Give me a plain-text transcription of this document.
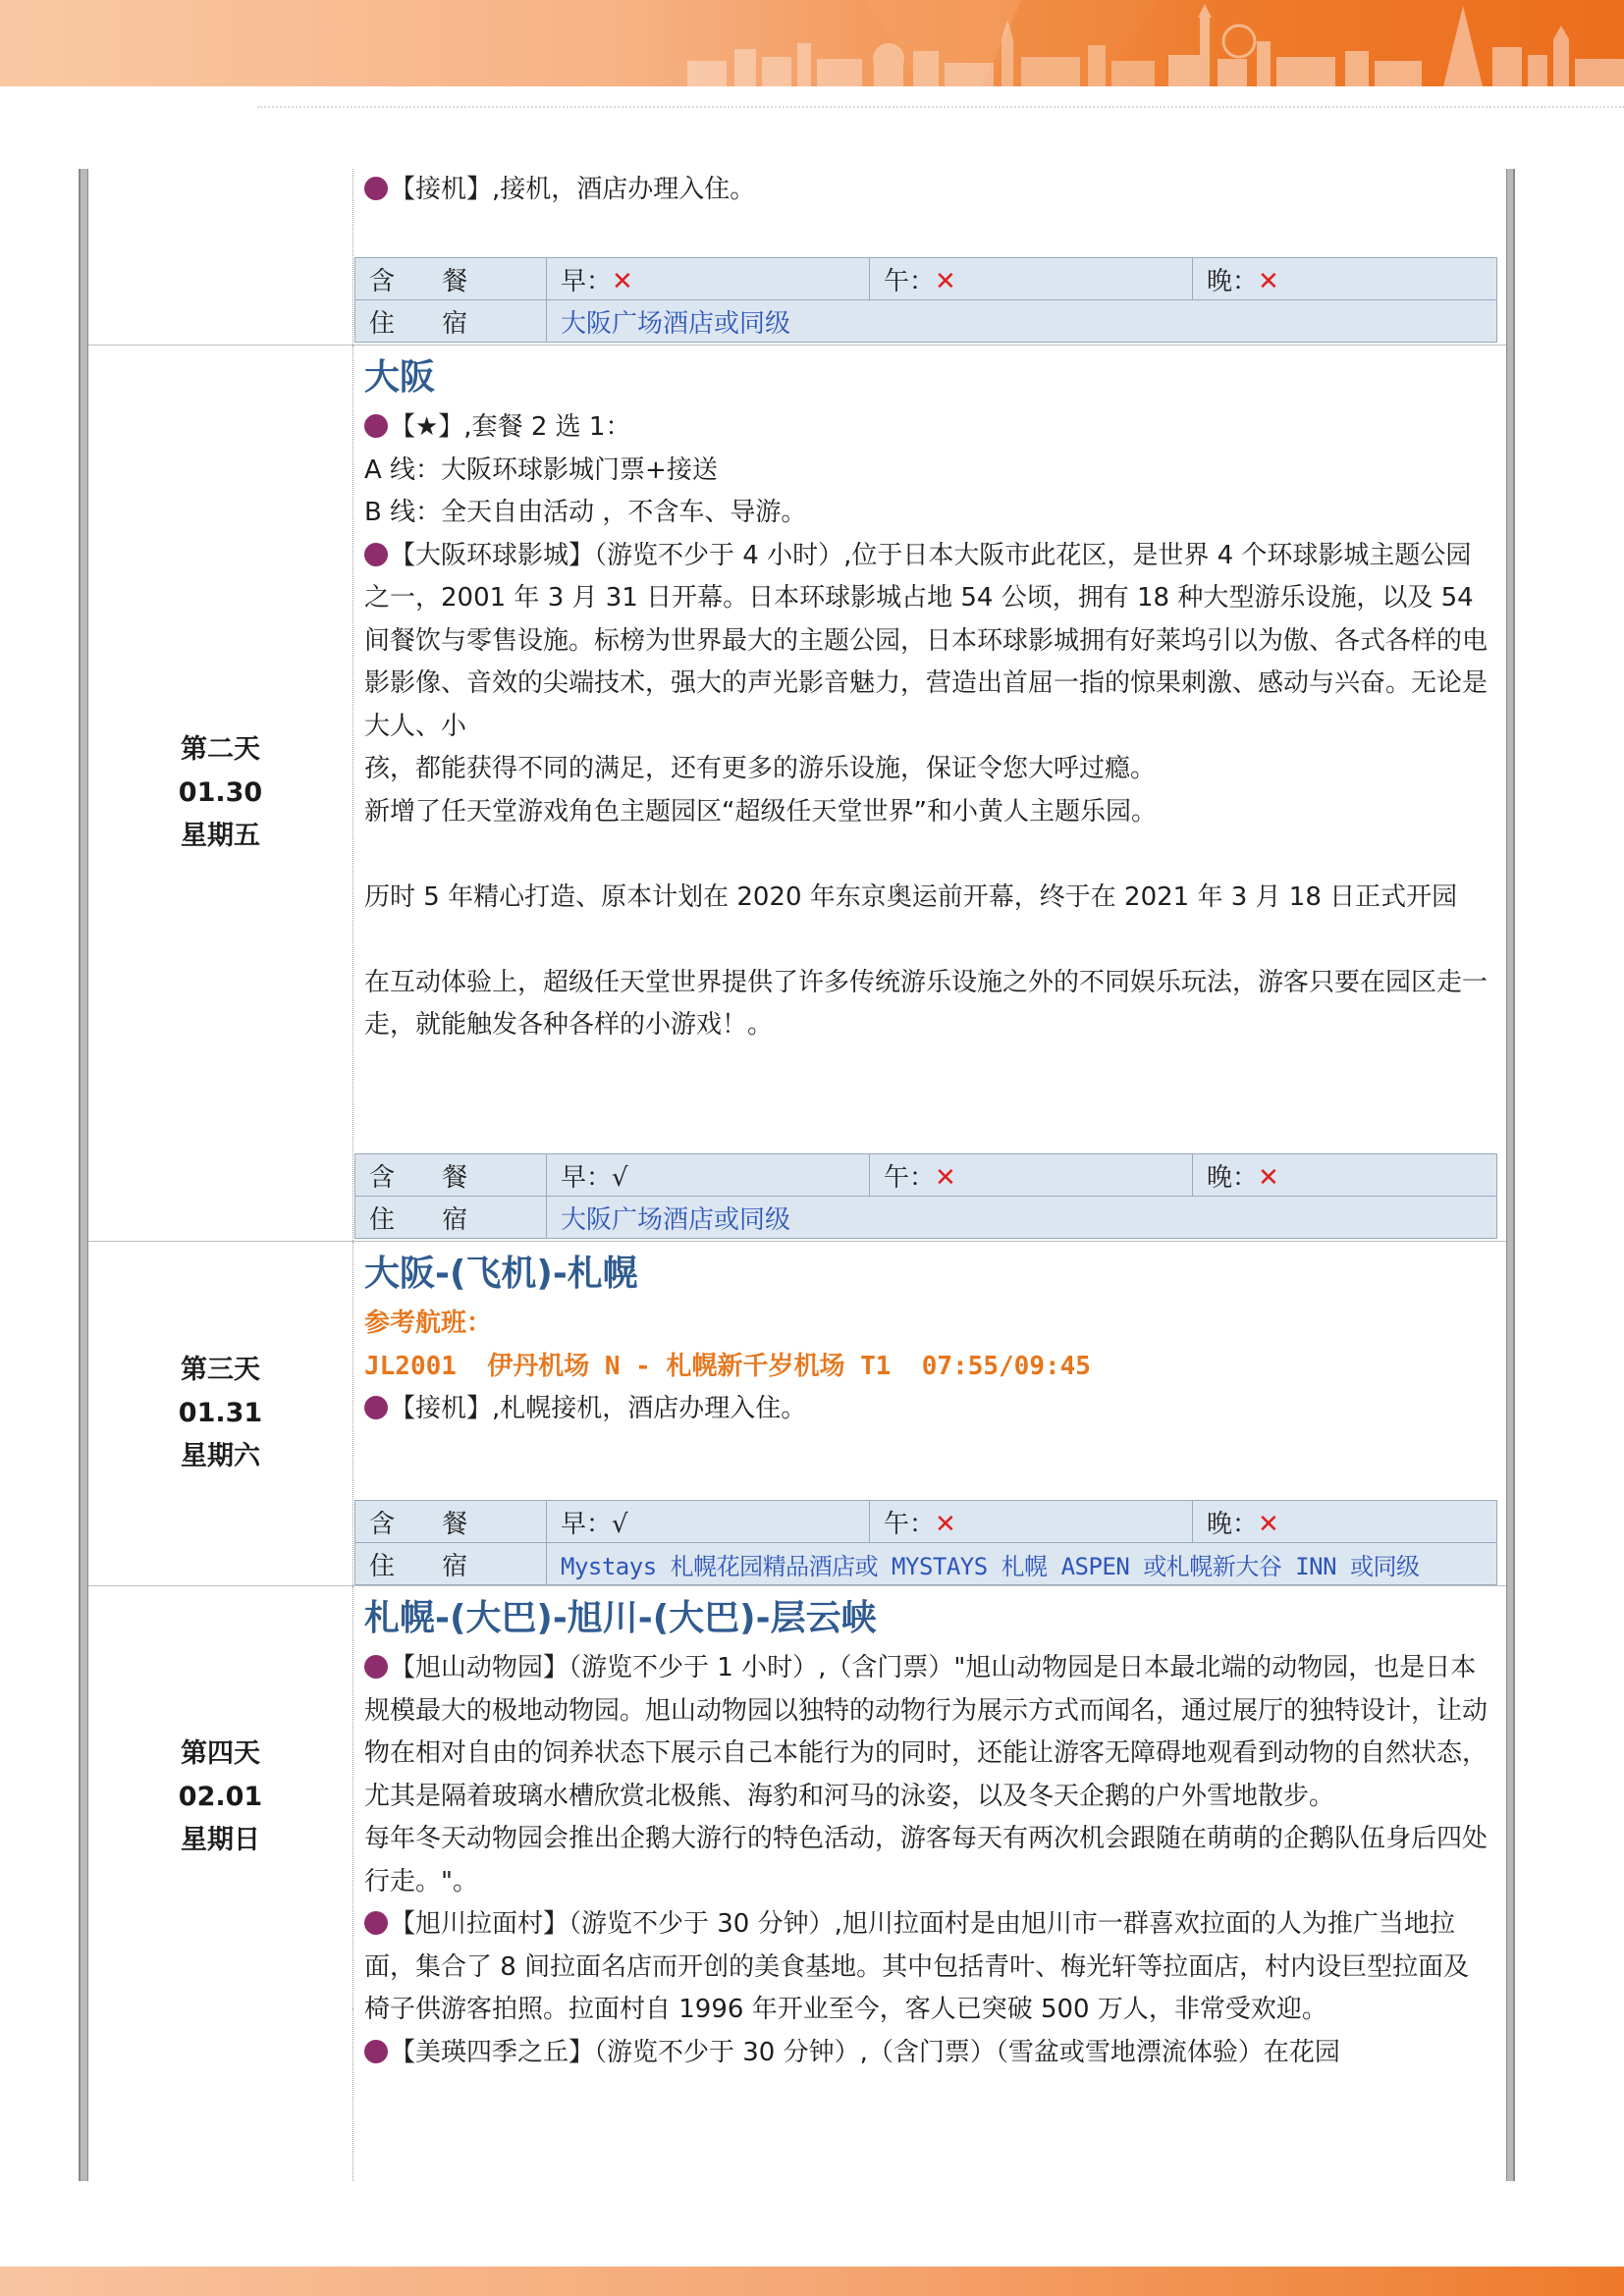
【接机】,接机，酒店办理入住。
含 餐	早：✕	午：✕	晚：✕
住 宿	大阪广场酒店或同级		
第二天
01.30
星期五
大阪
【★】,套餐 2 选 1：
A 线：大阪环球影城门票+接送
B 线：全天自由活动 ，不含车、导游。
【大阪环球影城】（游览不少于 4 小时）,位于日本大阪市此花区，是世界 4 个环球影城主题公园之一，2001 年 3 月 31 日开幕。日本环球影城占地 54 公顷，拥有 18 种大型游乐设施，以及 54 间餐饮与零售设施。标榜为世界最大的主题公园，日本环球影城拥有好莱坞引以为傲、各式各样的电影影像、音效的尖端技术，强大的声光影音魅力，营造出首屈一指的惊果刺激、感动与兴奋。无论是大人、小
孩，都能获得不同的满足，还有更多的游乐设施，保证令您大呼过瘾。
新增了任天堂游戏角色主题园区“超级任天堂世界”和小黄人主题乐园。
历时 5 年精心打造、原本计划在 2020 年东京奥运前开幕，终于在 2021 年 3 月 18 日正式开园
在互动体验上，超级任天堂世界提供了许多传统游乐设施之外的不同娱乐玩法，游客只要在园区走一走，就能触发各种各样的小游戏！。
含 餐	早：√	午：✕	晚：✕
住 宿	大阪广场酒店或同级		
第三天
01.31
星期六
大阪-(飞机)-札幌
参考航班：
JL2001  伊丹机场 N - 札幌新千岁机场 T1  07:55/09:45
【接机】,札幌接机，酒店办理入住。
含 餐	早：√	午：✕	晚：✕
住 宿	Mystays 札幌花园精品酒店或 MYSTAYS 札幌 ASPEN 或札幌新大谷 INN 或同级		
第四天
02.01
星期日
札幌-(大巴)-旭川-(大巴)-层云峡
【旭山动物园】（游览不少于 1 小时）,（含门票）"旭山动物园是日本最北端的动物园，也是日本规模最大的极地动物园。旭山动物园以独特的动物行为展示方式而闻名，通过展厅的独特设计，让动物在相对自由的饲养状态下展示自己本能行为的同时，还能让游客无障碍地观看到动物的自然状态，尤其是隔着玻璃水槽欣赏北极熊、海豹和河马的泳姿，以及冬天企鹅的户外雪地散步。
每年冬天动物园会推出企鹅大游行的特色活动，游客每天有两次机会跟随在萌萌的企鹅队伍身后四处行走。"。
【旭川拉面村】（游览不少于 30 分钟）,旭川拉面村是由旭川市一群喜欢拉面的人为推广当地拉面，集合了 8 间拉面名店而开创的美食基地。其中包括青叶、梅光轩等拉面店，村内设巨型拉面及椅子供游客拍照。拉面村自 1996 年开业至今，客人已突破 500 万人，非常受欢迎。
【美瑛四季之丘】（游览不少于 30 分钟）,（含门票）（雪盆或雪地漂流体验）在花园
